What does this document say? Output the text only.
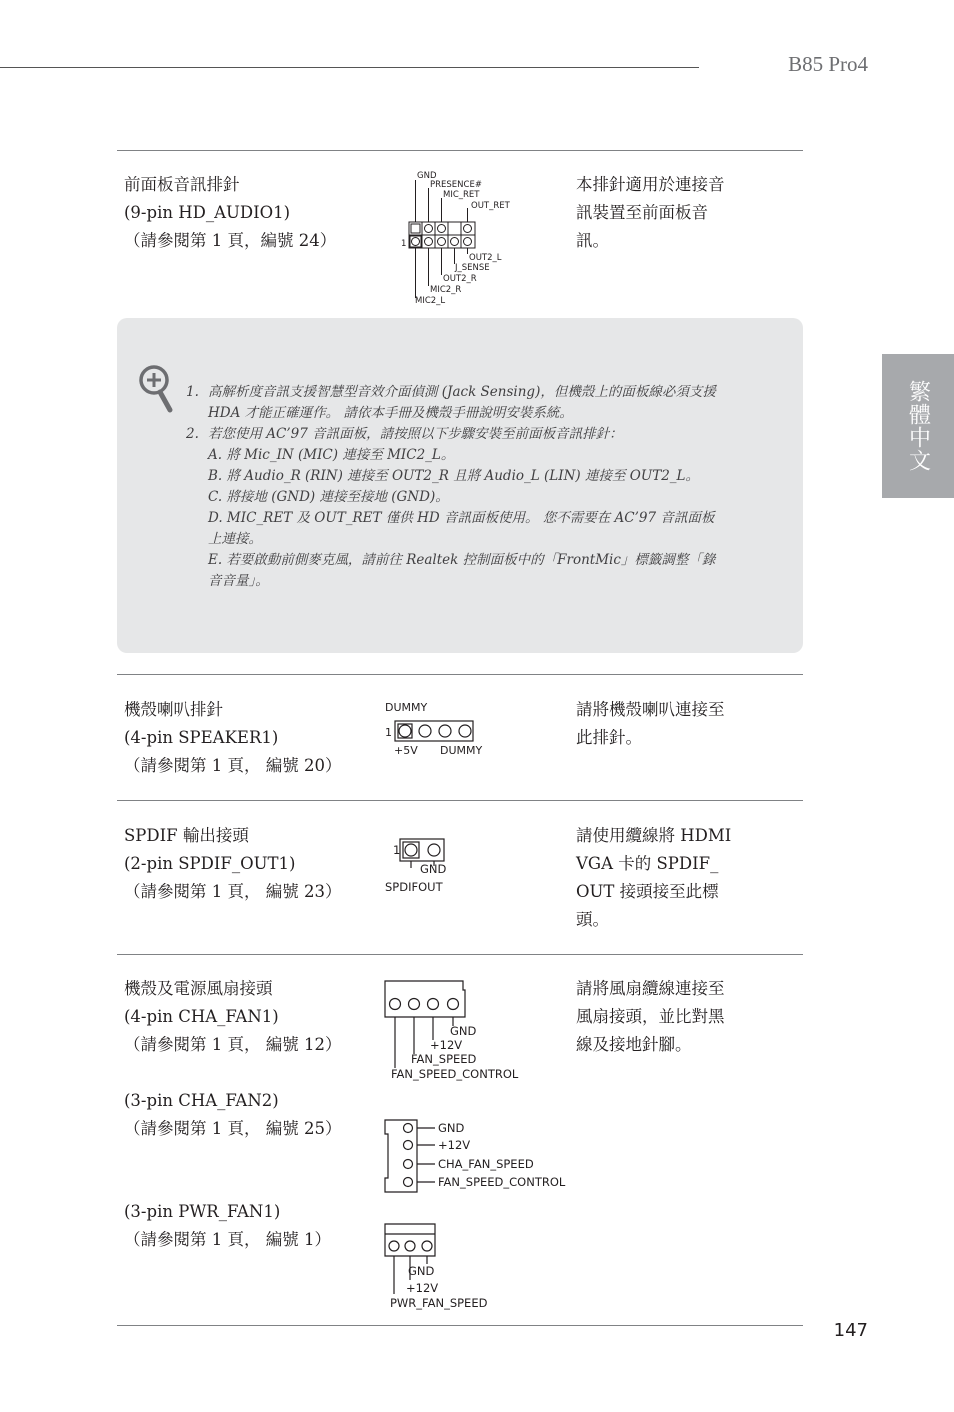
B85 Pro4
繁體中文
前面板音訊排針
(9-pin HD_AUDIO1)
（請參閱第 1 頁，編號 24）
本排針適用於連接音
訊裝置至前面板音
訊。
GND
PRESENCE#
MIC_RET
OUT_RET
1
OUT2_L
J_SENSE
OUT2_R
MIC2_R
MIC2_L
1. 高解析度音訊支援智慧型音效介面偵測 (Jack Sensing)，但機殼上的面板線必須支援
HDA 才能正確運作。 請依本手冊及機殼手冊說明安裝系統。
2. 若您使用 AC’97 音訊面板，請按照以下步驟安裝至前面板音訊排針：
A. 將 Mic_IN (MIC) 連接至 MIC2_L。
B. 將 Audio_R (RIN) 連接至 OUT2_R 且將 Audio_L (LIN) 連接至 OUT2_L。
C. 將接地 (GND) 連接至接地 (GND)。
D. MIC_RET 及 OUT_RET 僅供 HD 音訊面板使用。 您不需要在 AC’97 音訊面板
上連接。
E. 若要啟動前側麥克風，請前往 Realtek 控制面板中的「FrontMic」標籤調整「錄
音音量」。
機殼喇叭排針
(4-pin SPEAKER1)
（請參閱第 1 頁， 編號 20）
請將機殼喇叭連接至
此排針。
DUMMY
1
+5V DUMMY
SPDIF 輸出接頭
(2-pin SPDIF_OUT1)
（請參閱第 1 頁， 編號 23）
請使用纜線將 HDMI
VGA 卡的 SPDIF_
OUT 接頭接至此標
頭。
1
GND
SPDIFOUT
機殼及電源風扇接頭
(4-pin CHA_FAN1)
（請參閱第 1 頁， 編號 12）
請將風扇纜線連接至
風扇接頭，並比對黑
線及接地針腳。
GND
+12V
FAN_SPEED
FAN_SPEED_CONTROL
(3-pin CHA_FAN2)
（請參閱第 1 頁， 編號 25）	GND
+12V
CHA_FAN_SPEED
FAN_SPEED_CONTROL
(3-pin PWR_FAN1)
（請參閱第 1 頁， 編號 1）
GND
+12V
PWR_FAN_SPEED
147
